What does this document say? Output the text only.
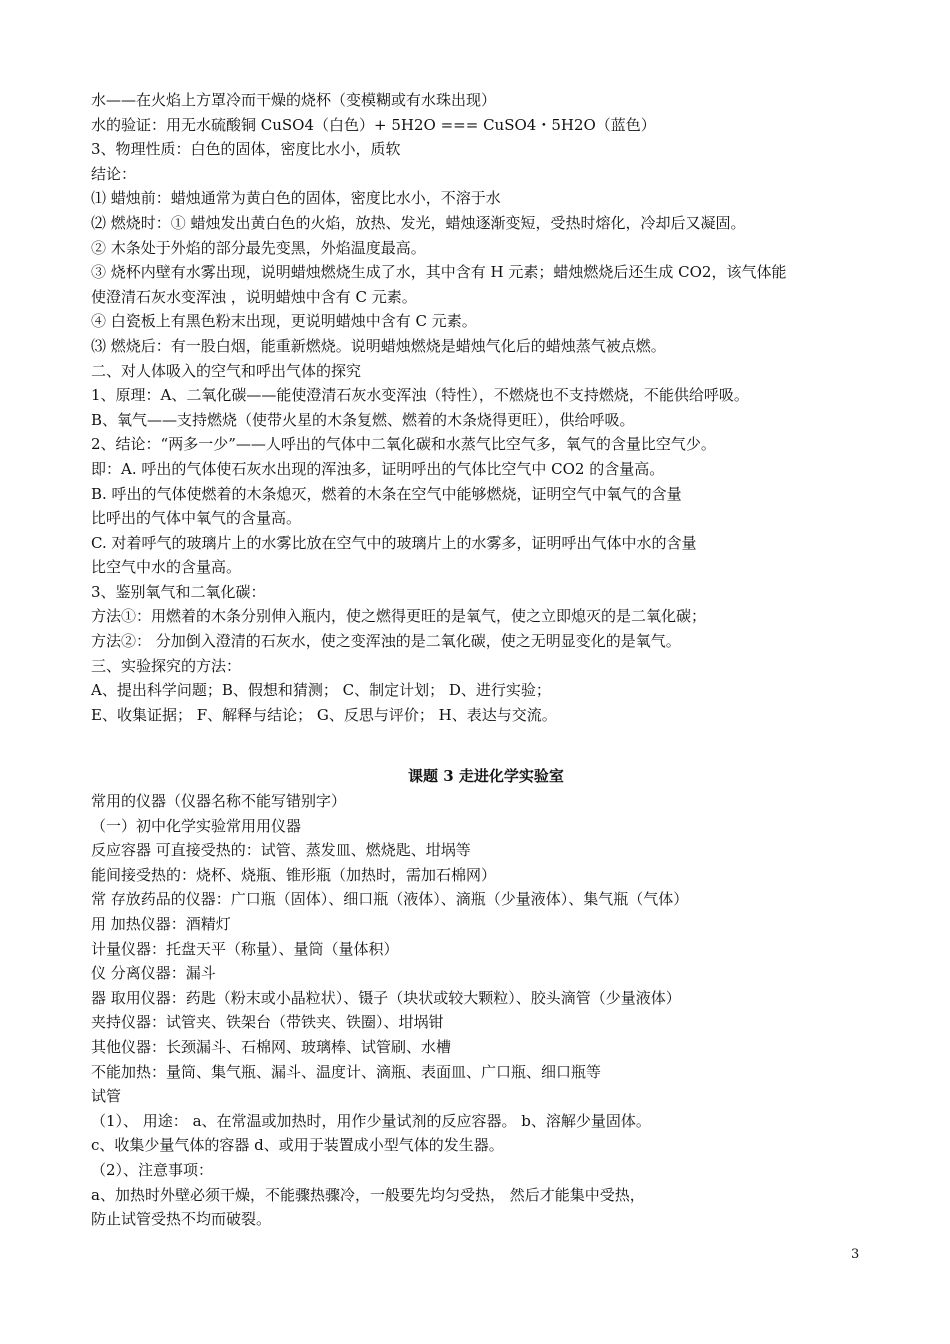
水——在火焰上方罩冷而干燥的烧杯（变模糊或有水珠出现）
水的验证：用无水硫酸铜 CuSO4（白色）+ 5H2O === CuSO4・5H2O（蓝色）
3、物理性质：白色的固体，密度比水小，质软
结论：
⑴ 蜡烛前：蜡烛通常为黄白色的固体，密度比水小，不溶于水
⑵ 燃烧时：① 蜡烛发出黄白色的火焰，放热、发光，蜡烛逐渐变短，受热时熔化，冷却后又凝固。
② 木条处于外焰的部分最先变黑，外焰温度最高。
③ 烧杯内壁有水雾出现，说明蜡烛燃烧生成了水，其中含有 H 元素；蜡烛燃烧后还生成 CO2，该气体能
使澄清石灰水变浑浊 ，说明蜡烛中含有 C 元素。
④ 白瓷板上有黑色粉末出现，更说明蜡烛中含有 C 元素。
⑶ 燃烧后：有一股白烟，能重新燃烧。说明蜡烛燃烧是蜡烛气化后的蜡烛蒸气被点燃。
二、对人体吸入的空气和呼出气体的探究
1、原理：A、二氧化碳——能使澄清石灰水变浑浊（特性），不燃烧也不支持燃烧，不能供给呼吸。
B、氧气——支持燃烧（使带火星的木条复燃、燃着的木条烧得更旺），供给呼吸。
2、结论：“两多一少”——人呼出的气体中二氧化碳和水蒸气比空气多，氧气的含量比空气少。
即：A. 呼出的气体使石灰水出现的浑浊多，证明呼出的气体比空气中 CO2 的含量高。
B. 呼出的气体使燃着的木条熄灭，燃着的木条在空气中能够燃烧，证明空气中氧气的含量
比呼出的气体中氧气的含量高。
C. 对着呼气的玻璃片上的水雾比放在空气中的玻璃片上的水雾多，证明呼出气体中水的含量
比空气中水的含量高。
3、鉴别氧气和二氧化碳：
方法①：用燃着的木条分别伸入瓶内，使之燃得更旺的是氧气，使之立即熄灭的是二氧化碳；
方法②： 分加倒入澄清的石灰水，使之变浑浊的是二氧化碳，使之无明显变化的是氧气。
三、实验探究的方法：
A、提出科学问题；B、假想和猜测； C、制定计划； D、进行实验；
E、收集证据； F、解释与结论； G、反思与评价； H、表达与交流。
课题 3 走进化学实验室
常用的仪器（仪器名称不能写错别字）
（一）初中化学实验常用用仪器
反应容器 可直接受热的：试管、蒸发皿、燃烧匙、坩埚等
能间接受热的：烧杯、烧瓶、锥形瓶（加热时，需加石棉网）
常 存放药品的仪器：广口瓶（固体）、细口瓶（液体）、滴瓶（少量液体）、集气瓶（气体）
用 加热仪器：酒精灯
计量仪器：托盘天平（称量）、量筒（量体积）
仪 分离仪器：漏斗
器 取用仪器：药匙（粉末或小晶粒状）、镊子（块状或较大颗粒）、胶头滴管（少量液体）
夹持仪器：试管夹、铁架台（带铁夹、铁圈）、坩埚钳
其他仪器：长颈漏斗、石棉网、玻璃棒、试管刷、水槽
不能加热：量筒、集气瓶、漏斗、温度计、滴瓶、表面皿、广口瓶、细口瓶等
试管
（1）、 用途： a、在常温或加热时，用作少量试剂的反应容器。 b、溶解少量固体。
c、收集少量气体的容器 d、或用于装置成小型气体的发生器。
（2）、注意事项：
a、加热时外壁必须干燥，不能骤热骤冷，一般要先均匀受热， 然后才能集中受热，
防止试管受热不均而破裂。
3
